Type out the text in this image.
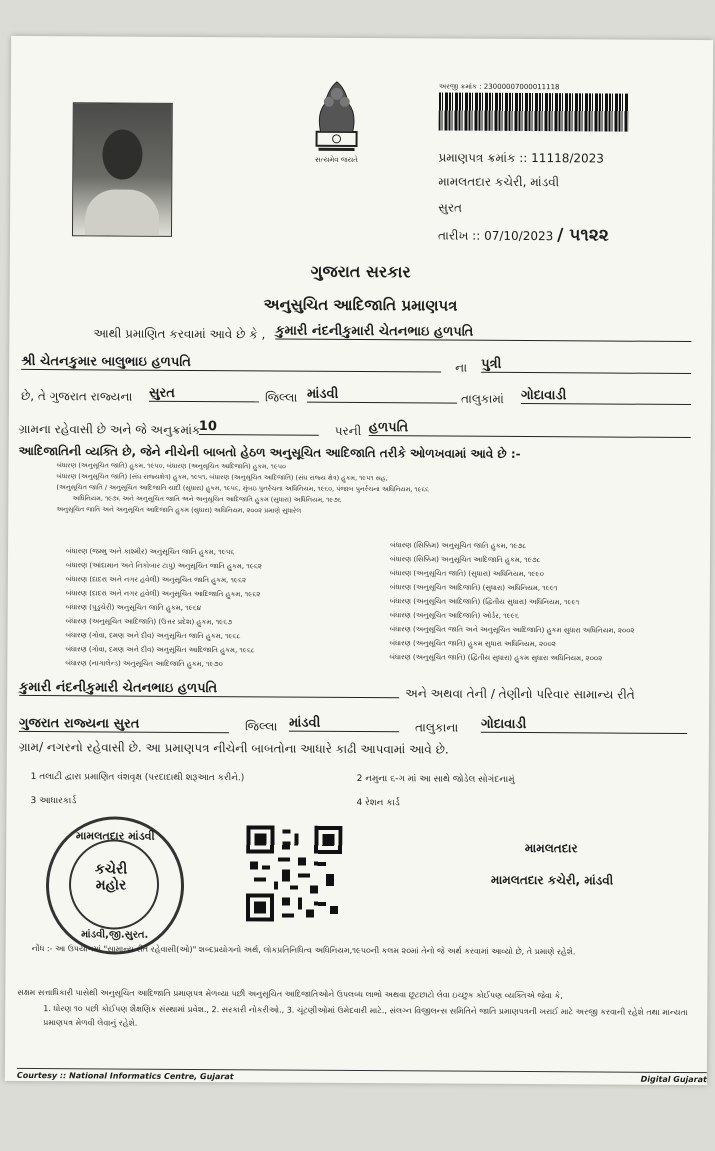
સત્યમેવ જયતે
અરજી ક્રમાંક : 23000007000011118
પ્રમાણપત્ર ક્રમાંક :: 11118/2023
મામલતદાર કચેરી, માંડવી
સુરત
તારીખ :: 07/10/2023 / ૫૧૨૨
ગુજરાત સરકાર
અનુસુચિત આદિજાતિ પ્રમાણપત્ર
આથી પ્રમાણિત કરવામાં આવે છે કે , કુમારી નંદનીકુમારી ચેતનભાઇ હળપતિ
શ્રી ચેતનકુમાર બાલુભાઇ હળપતિ	ના પુત્રી
છે, તે ગુજરાત રાજ્યના સુરત	જિલ્લા માંડવી	તાલુકામાં ગોદાવાડી
ગ્રામના રહેવાસી છે અને જે અનુક્રમાંક
10	પરની હળપતિ
આદિજાતિની વ્યક્તિ છે, જેને નીચેની બાબતો હેઠળ અનુસૂચિત આદિજાતિ તરીકે ઓળખવામાં આવે છે :-
બંધારણ (અનુસૂચિત જાતિ) હુકમ, ૧૯૫૦, બંધારણ (અનુસૂચિત આદિજાતિ) હુકમ, ૧૯૫૦
બંધારણ (અનુસૂચિત જાતિ) (સંઘ રાજ્યક્ષેત્ર) હુકમ, ૧૯૫૧, બંધારણ (અનુસૂચિત આદિજાતિ) (સંઘ રાજ્ય ક્ષેત્ર) હુકમ, ૧૯૫૧ સહ,
(અનુસૂચિત જાતિ / અનુસૂચિત આદિજાતિ યાદી (સુધારા) હુકમ, ૧૯૫૬, મુંબઇ પુનર્રચના અધિનિયમ, ૧૯૬૦, પંજાબ પુનર્રચના અધિનિયમ, ૧૯૬૬
અધિનિયમ, ૧૯૭૬ અને અનુસૂચિત જાતિ અને અનુસૂચિત આદિજાતિ હુકમ (સુધારા) અધિનિયમ, ૧૯૭૬
અનુસૂચિત જાતિ અને અનુસૂચિત આદિજાતિ હુકમ (સુધારા) અધિનિયમ, ૨૦૦૨ પ્રમાણે સુધારેલ
બંધારણ (જમ્મુ અને કાશ્મીર) અનુસૂચિત જાતિ હુકમ, ૧૯૫૬
બંધારણ (આંદામાન અને નિકોબાર ટાપુ) અનુસૂચિત જાતિ હુકમ, ૧૯૬૨
બંધારણ (દાદરા અને નગર હવેલી) અનુસૂચિત જાતિ હુકમ, ૧૯૬૨
બંધારણ (દાદરા અને નગર હવેલી) અનુસૂચિત આદિજાતિ હુકમ, ૧૯૬૨
બંધારણ (પુડુચેરી) અનુસૂચિત જાતિ હુકમ, ૧૯૬૪
બંધારણ (અનુસૂચિત આદિજાતિ) (ઉત્તર પ્રદેશ) હુકમ, ૧૯૬૭
બંધારણ (ગોવા, દમણ અને દીવ) અનુસૂચિત જાતિ હુકમ, ૧૯૬૮
બંધારણ (ગોવા, દમણ અને દીવ) અનુસૂચિત આદિજાતિ હુકમ, ૧૯૬૮
બંધારણ (નાગાલેન્ડ) અનુસૂચિત આદિજાતિ હુકમ, ૧૯૭૦
બંધારણ (સિક્કિમ) અનુસૂચિત જાતિ હુકમ, ૧૯૭૮
બંધારણ (સિક્કિમ) અનુસૂચિત આદિજાતિ હુકમ, ૧૯૭૮
બંધારણ (અનુસૂચિત જાતિ) (સુધારા) અધિનિયમ, ૧૯૯૦
બંધારણ (અનુસૂચિત આદિજાતિ) (સુધારા) અધિનિયમ, ૧૯૯૧
બંધારણ (અનુસૂચિત આદિજાતિ) (દ્વિતીય સુધારા) અધિનિયમ, ૧૯૯૧
બંધારણ (અનુસૂચિત આદિજાતિ) ઓર્ડર, ૧૯૯૬
બંધારણ (અનુસૂચિત જાતિ અને અનુસૂચિત આદિજાતિ) હુકમ સુધારા અધિનિયમ, ૨૦૦૨
બંધારણ (અનુસૂચિત જાતિ) હુકમ સુધારા અધિનિયમ, ૨૦૦૨
બંધારણ (અનુસૂચિત જાતિ) (દ્વિતીય સુધારા) હુકમ સુધારા અધિનિયમ, ૨૦૦૨
કુમારી નંદનીકુમારી ચેતનભાઇ હળપતિ	અને અથવા તેની / તેણીનો પરિવાર સામાન્ય રીતે
ગુજરાત રાજ્યના સુરત	જિલ્લા માંડવી	તાલુકાના ગોદાવાડી
ગ્રામ/ નગરનો રહેવાસી છે. આ પ્રમાણપત્ર નીચેની બાબતોના આધારે કાઢી આપવામાં આવે છે.
1 તલાટી દ્વારા પ્રમાણિત વંશવૃક્ષ (પરદાદાથી શરૂઆત કરીને.)	2 નમુના ૬-ગ માં આ સાથે જોડેલ સોગંદનામું
3 આધારકાર્ડ	4 રેશન કાર્ડ
મામલતદાર માંડવી
કચેરી મહોર
માંડવી,જી.સુરત.
મામલતદાર
મામલતદાર કચેરી, માંડવી
નોંધ :- આ ઉપયોગમાં "સામાન્ય રીતે રહેવાસી(ઓ)" શબ્દપ્રયોગનો અર્થ, લોકપ્રતિનિધિત્વ અધિનિયમ,૧૯૫૦ની કલમ ૨૦માં તેનો જે અર્થ કરવામાં આવ્યો છે, તે પ્રમાણે રહેશે.
સક્ષમ સત્તાધિકારી પાસેથી અનુસૂચિત આદિજાતિ પ્રમાણપત્ર મેળવ્યા પછી અનુસૂચિત આદિજાતિઓને ઉપલબ્ધ લાભો અથવા છૂટછાટો લેવા ઇચ્છુક કોઈપણ વ્યક્તિએ જેવા કે,
1. ધોરણ ૧૦ પછી કોઈપણ શૈક્ષણિક સંસ્થામાં પ્રવેશ., 2. સરકારી નોકરીઓ., 3. ચૂંટણીઓમાં ઉમેદવારી માટે., સંલગ્ન વિજીલન્સ સમિતિને જાતિ પ્રમાણપત્રની ખરાઈ માટે અરજી કરવાની રહેશે તથા માન્યતા પ્રમાણપત્ર મેળવી લેવાનું રહેશે.
Courtesy :: National Informatics Centre, Gujarat	Digital Gujarat
